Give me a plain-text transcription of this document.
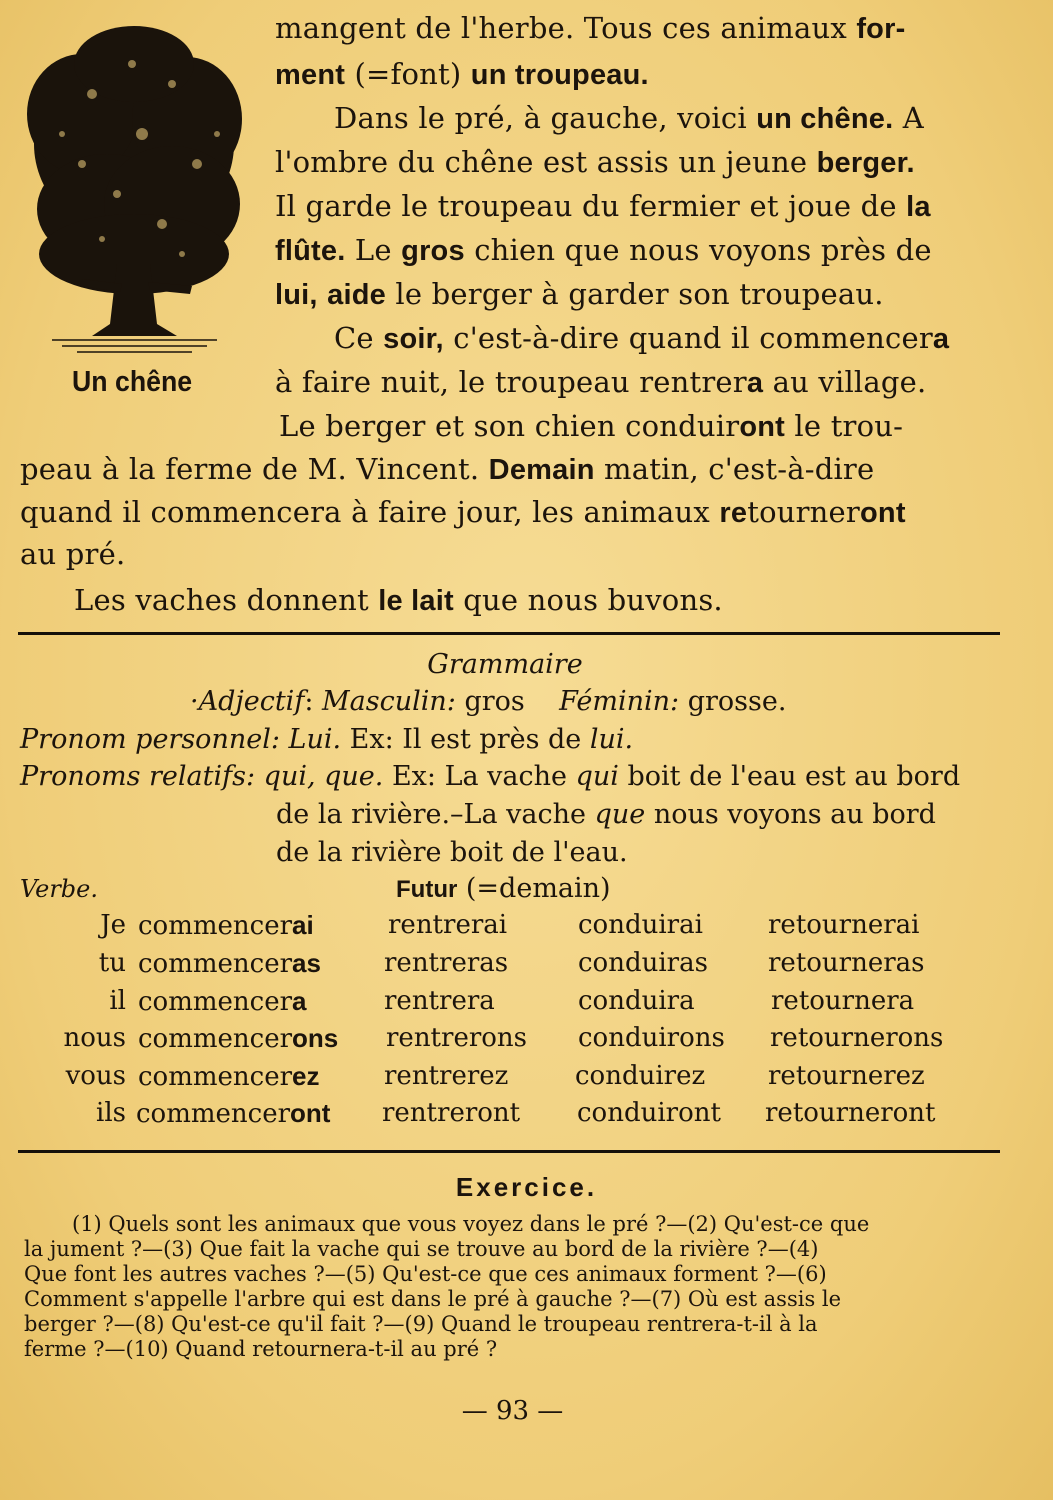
Un chêne
mangent de l'herbe. Tous ces animaux for-
ment (=font) un troupeau.
Dans le pré, à gauche, voici un chêne. A
l'ombre du chêne est assis un jeune berger.
Il garde le troupeau du fermier et joue de la
flûte. Le gros chien que nous voyons près de
lui, aide le berger à garder son troupeau.
Ce soir, c'est-à-dire quand il commencera
à faire nuit, le troupeau rentrera au village.
Le berger et son chien conduiront le trou-
peau à la ferme de M. Vincent. Demain matin, c'est-à-dire
quand il commencera à faire jour, les animaux retourneront
au pré.
Les vaches donnent le lait que nous buvons.
Grammaire
·Adjectif: Masculin: gros Féminin: grosse.
Pronom personnel: Lui. Ex: Il est près de lui.
Pronoms relatifs: qui, que. Ex: La vache qui boit de l'eau est au bord
de la rivière.–La vache que nous voyons au bord
de la rivière boit de l'eau.
Verbe.	Futur (=demain)
Je commencerai	rentrerai	conduirai	retournerai
tu commenceras rentreras	conduiras retourneras
il commencera	rentrera	conduira	retournera
nous commencerons rentrerons conduirons retournerons
vous commencerez rentrerez	conduirez retournerez
ils commenceront rentreront conduiront retourneront
Exercice.
(1) Quels sont les animaux que vous voyez dans le pré ?—(2) Qu'est-ce que
la jument ?—(3) Que fait la vache qui se trouve au bord de la rivière ?—(4)
Que font les autres vaches ?—(5) Qu'est-ce que ces animaux forment ?—(6)
Comment s'appelle l'arbre qui est dans le pré à gauche ?—(7) Où est assis le
berger ?—(8) Qu'est-ce qu'il fait ?—(9) Quand le troupeau rentrera-t-il à la
ferme ?—(10) Quand retournera-t-il au pré ?
— 93 —
